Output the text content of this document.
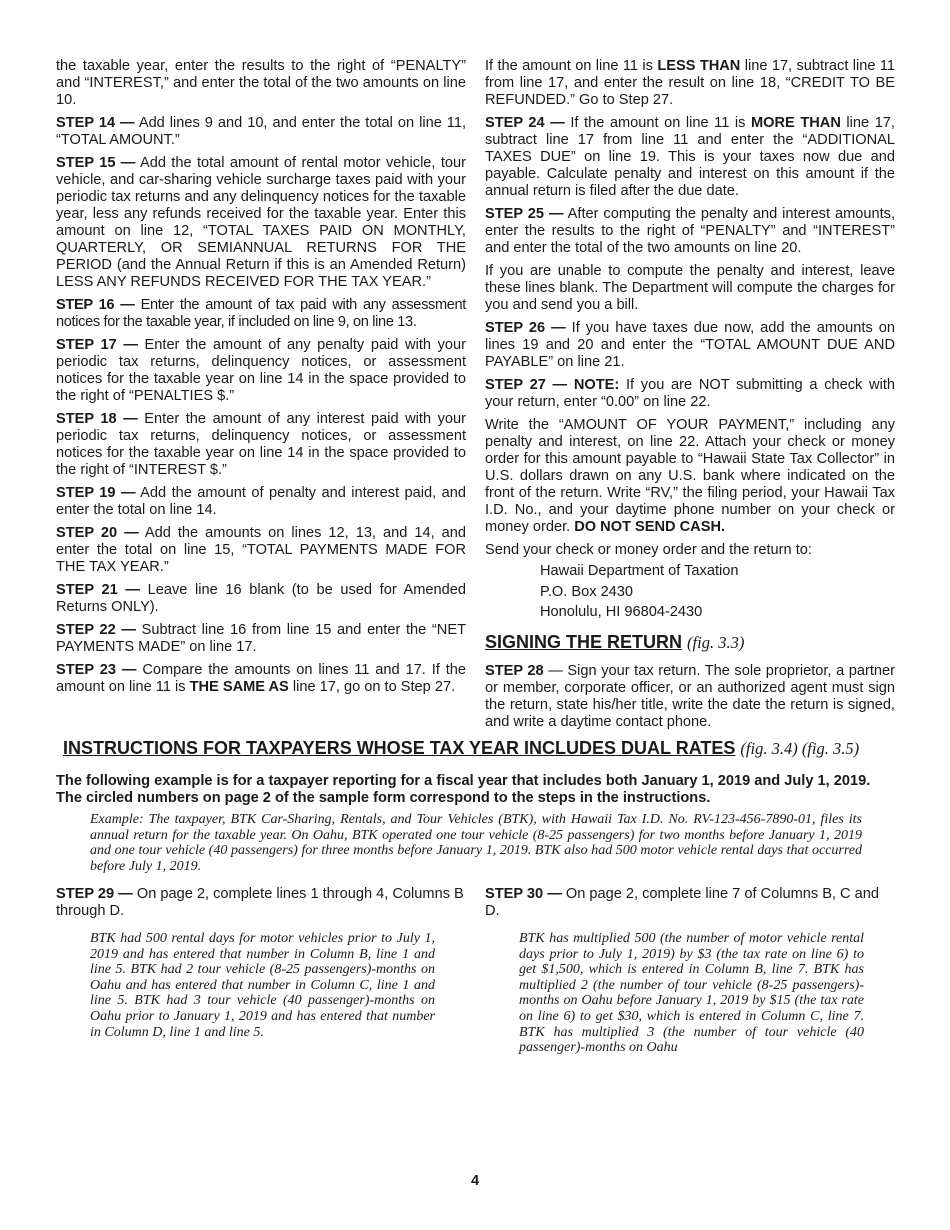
the taxable year, enter the results to the right of “PENALTY” and “INTEREST,” and enter the total of the two amounts on line 10.

STEP 14 — Add lines 9 and 10, and enter the total on line 11, “TOTAL AMOUNT.”

STEP 15 — Add the total amount of rental motor vehicle, tour vehicle, and car-sharing vehicle surcharge taxes paid with your periodic tax returns and any delinquency notices for the taxable year, less any refunds received for the taxable year. Enter this amount on line 12, “TOTAL TAXES PAID ON MONTHLY, QUARTERLY, OR SEMIANNUAL RETURNS FOR THE PERIOD (and the Annual Return if this is an Amended Return) LESS ANY REFUNDS RECEIVED FOR THE TAX YEAR.”

STEP 16 — Enter the amount of tax paid with any assessment notices for the taxable year, if included on line 9, on line 13.

STEP 17 — Enter the amount of any penalty paid with your periodic tax returns, delinquency notices, or assessment notices for the taxable year on line 14 in the space provided to the right of “PENALTIES $.”

STEP 18 — Enter the amount of any interest paid with your periodic tax returns, delinquency notices, or assessment notices for the taxable year on line 14 in the space provided to the right of “INTEREST $.”

STEP 19 — Add the amount of penalty and interest paid, and enter the total on line 14.

STEP 20 — Add the amounts on lines 12, 13, and 14, and enter the total on line 15, “TOTAL PAYMENTS MADE FOR THE TAX YEAR.”

STEP 21 — Leave line 16 blank (to be used for Amended Returns ONLY).

STEP 22 — Subtract line 16 from line 15 and enter the “NET PAYMENTS MADE” on line 17.

STEP 23 — Compare the amounts on lines 11 and 17. If the amount on line 11 is THE SAME AS line 17, go on to Step 27.

If the amount on line 11 is LESS THAN line 17, subtract line 11 from line 17, and enter the result on line 18, “CREDIT TO BE REFUNDED.” Go to Step 27.

STEP 24 — If the amount on line 11 is MORE THAN line 17, subtract line 17 from line 11 and enter the “ADDITIONAL TAXES DUE” on line 19. This is your taxes now due and payable. Calculate penalty and interest on this amount if the annual return is filed after the due date.

STEP 25 — After computing the penalty and interest amounts, enter the results to the right of “PENALTY” and “INTEREST” and enter the total of the two amounts on line 20.

If you are unable to compute the penalty and interest, leave these lines blank. The Department will compute the charges for you and send you a bill.

STEP 26 — If you have taxes due now, add the amounts on lines 19 and 20 and enter the “TOTAL AMOUNT DUE AND PAYABLE” on line 21.

STEP 27 — NOTE: If you are NOT submitting a check with your return, enter “0.00” on line 22.

Write the “AMOUNT OF YOUR PAYMENT,” including any penalty and interest, on line 22. Attach your check or money order for this amount payable to “Hawaii State Tax Collector” in U.S. dollars drawn on any U.S. bank where indicated on the front of the return. Write “RV,” the filing period, your Hawaii Tax I.D. No., and your daytime phone number on your check or money order. DO NOT SEND CASH.

Send your check or money order and the return to:

Hawaii Department of Taxation
P.O. Box 2430
Honolulu, HI 96804-2430
SIGNING THE RETURN (fig. 3.3)

STEP 28 — Sign your tax return. The sole proprietor, a partner or member, corporate officer, or an authorized agent must sign the return, state his/her title, write the date the return is signed, and write a daytime contact phone.

INSTRUCTIONS FOR TAXPAYERS WHOSE TAX YEAR INCLUDES DUAL RATES (fig. 3.4) (fig. 3.5)
The following example is for a taxpayer reporting for a fiscal year that includes both January 1, 2019 and July 1, 2019. The circled numbers on page 2 of the sample form correspond to the steps in the instructions.
Example: The taxpayer, BTK Car-Sharing, Rentals, and Tour Vehicles (BTK), with Hawaii Tax I.D. No. RV-123-456-7890-01, files its annual return for the taxable year. On Oahu, BTK operated one tour vehicle (8-25 passengers) for two months before January 1, 2019 and one tour vehicle (40 passengers) for three months before January 1, 2019. BTK also had 500 motor vehicle rental days that occurred before July 1, 2019.

STEP 29 — On page 2, complete lines 1 through 4, Columns B through D.

BTK had 500 rental days for motor vehicles prior to July 1, 2019 and has entered that number in Column B, line 1 and line 5. BTK had 2 tour vehicle (8-25 passengers)-months on Oahu and has entered that number in Column C, line 1 and line 5. BTK had 3 tour vehicle (40 passenger)-months on Oahu prior to January 1, 2019 and has entered that number in Column D, line 1 and line 5.

STEP 30 — On page 2, complete line 7 of Columns B, C and D.

BTK has multiplied 500 (the number of motor vehicle rental days prior to July 1, 2019) by $3 (the tax rate on line 6) to get $1,500, which is entered in Column B, line 7. BTK has multiplied 2 (the number of tour vehicle (8-25 passengers)-months on Oahu before January 1, 2019 by $15 (the tax rate on line 6) to get $30, which is entered in Column C, line 7. BTK has multiplied 3 (the number of tour vehicle (40 passenger)-months on Oahu
4
